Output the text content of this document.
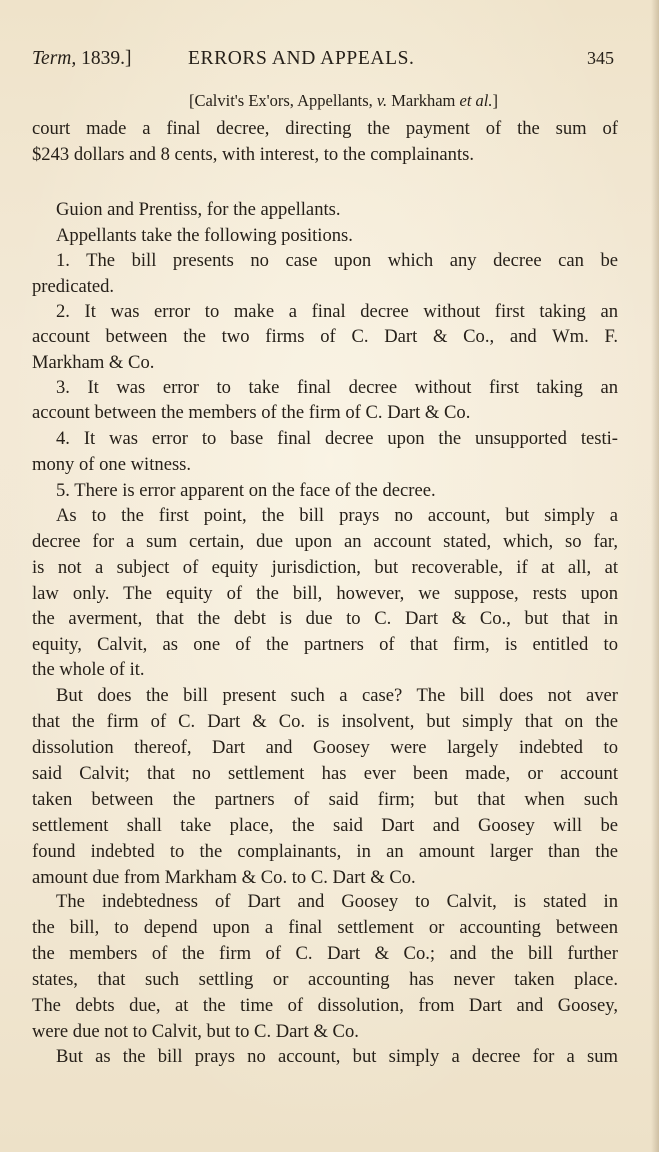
Term, 1839.]	ERRORS AND APPEALS.	345
[Calvit's Ex'ors, Appellants, v. Markham et al.]
court made a final decree, directing the payment of the sum of
$243 dollars and 8 cents, with interest, to the complainants.
Guion and Prentiss, for the appellants.
Appellants take the following positions.
1. The bill presents no case upon which any decree can be
predicated.
2. It was error to make a final decree without first taking an
account between the two firms of C. Dart & Co., and Wm. F.
Markham & Co.
3. It was error to take final decree without first taking an
account between the members of the firm of C. Dart & Co.
4. It was error to base final decree upon the unsupported testi-
mony of one witness.
5. There is error apparent on the face of the decree.
As to the first point, the bill prays no account, but simply a
decree for a sum certain, due upon an account stated, which, so far,
is not a subject of equity jurisdiction, but recoverable, if at all, at
law only. The equity of the bill, however, we suppose, rests upon
the averment, that the debt is due to C. Dart & Co., but that in
equity, Calvit, as one of the partners of that firm, is entitled to
the whole of it.
But does the bill present such a case? The bill does not aver
that the firm of C. Dart & Co. is insolvent, but simply that on the
dissolution thereof, Dart and Goosey were largely indebted to
said Calvit; that no settlement has ever been made, or account
taken between the partners of said firm; but that when such
settlement shall take place, the said Dart and Goosey will be
found indebted to the complainants, in an amount larger than the
amount due from Markham & Co. to C. Dart & Co.
The indebtedness of Dart and Goosey to Calvit, is stated in
the bill, to depend upon a final settlement or accounting between
the members of the firm of C. Dart & Co.; and the bill further
states, that such settling or accounting has never taken place.
The debts due, at the time of dissolution, from Dart and Goosey,
were due not to Calvit, but to C. Dart & Co.
But as the bill prays no account, but simply a decree for a sum
